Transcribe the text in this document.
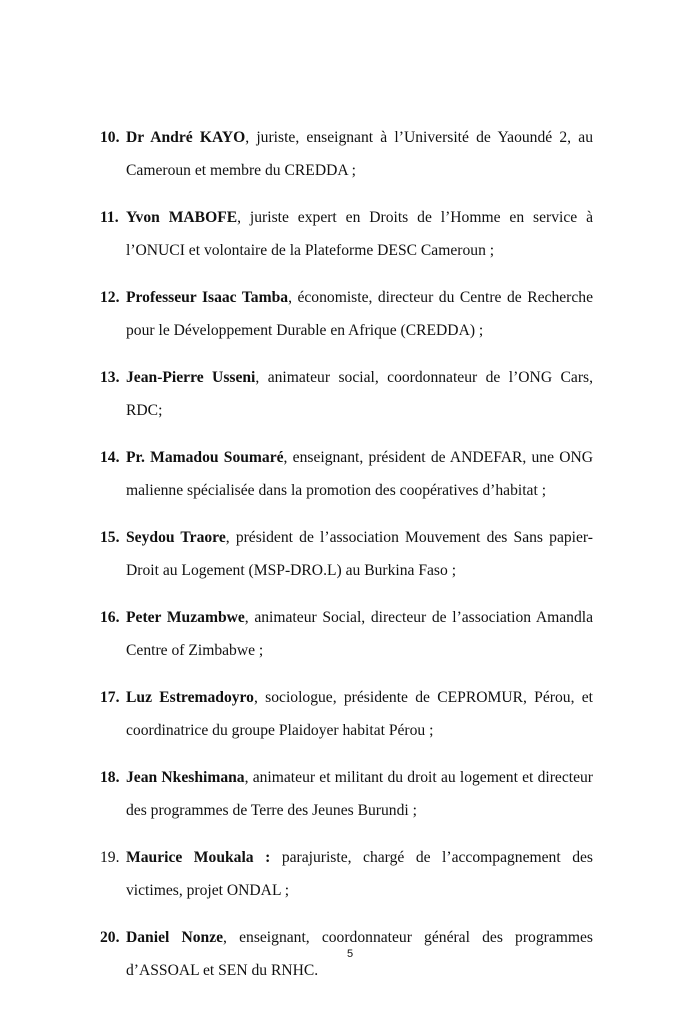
10. Dr André KAYO, juriste, enseignant à l’Université de Yaoundé 2, au Cameroun et membre du CREDDA ;
11. Yvon MABOFE, juriste expert en Droits de l’Homme en service à l’ONUCI et volontaire de la Plateforme DESC Cameroun ;
12. Professeur Isaac Tamba, économiste, directeur du Centre de Recherche pour le Développement Durable en Afrique (CREDDA) ;
13. Jean-Pierre Usseni, animateur social, coordonnateur de l’ONG Cars, RDC;
14. Pr. Mamadou Soumaré, enseignant, président de ANDEFAR, une ONG malienne spécialisée dans la promotion des coopératives d’habitat ;
15. Seydou Traore, président de l’association Mouvement des Sans papier- Droit au Logement (MSP-DRO.L) au Burkina Faso ;
16. Peter Muzambwe, animateur Social, directeur de l’association Amandla Centre of Zimbabwe ;
17. Luz Estremadoyro, sociologue, présidente de CEPROMUR, Pérou, et coordinatrice du groupe Plaidoyer habitat Pérou ;
18. Jean Nkeshimana, animateur et militant du droit au logement et directeur des programmes de Terre des Jeunes Burundi ;
19. Maurice Moukala : parajuriste, chargé de l’accompagnement des victimes, projet ONDAL ;
20. Daniel Nonze, enseignant, coordonnateur général des programmes d’ASSOAL et SEN du RNHC.
5
